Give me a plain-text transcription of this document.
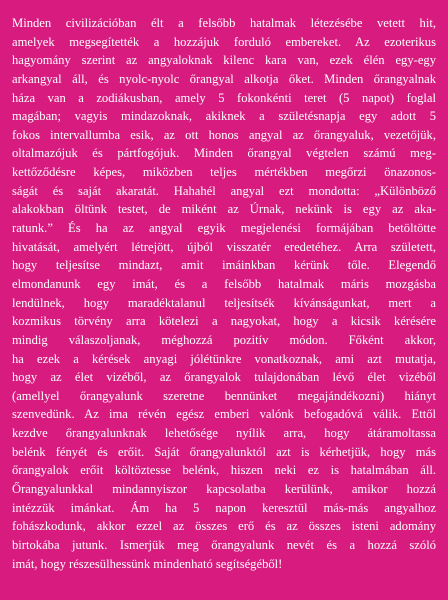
Minden civilizációban élt a felsőbb hatalmak létezésébe vetett hit,
amelyek megsegítették a hozzájuk forduló embereket. Az ezoterikus
hagyomány szerint az angyaloknak kilenc kara van, ezek élén egy-egy
arkangyal áll, és nyolc-nyolc őrangyal alkotja őket. Minden őrangyalnak
háza van a zodiákusban, amely 5 fokonkénti teret (5 napot) foglal
magában; vagyis mindazoknak, akiknek a születésnapja egy adott 5
fokos intervallumba esik, az ott honos angyal az őrangyaluk, vezetőjük,
oltalmazójuk és pártfogójuk. Minden őrangyal végtelen számú meg-
kettőződésre képes, miközben teljes mértékben megőrzi önazonos-
ságát és saját akaratát. Hahahél angyal ezt mondotta: „Különböző
alakokban öltünk testet, de miként az Úrnak, nekünk is egy az aka-
ratunk.” És ha az angyal egyik megjelenési formájában betöltötte
hivatását, amelyért létrejött, újból visszatér eredetéhez. Arra született,
hogy teljesítse mindazt, amit imáinkban kérünk tőle. Elegendő
elmondanunk egy imát, és a felsőbb hatalmak máris mozgásba
lendülnek, hogy maradéktalanul teljesítsék kívánságunkat, mert a
kozmikus törvény arra kötelezi a nagyokat, hogy a kicsik kérésére
mindig válaszoljanak, méghozzá pozitív módon. Főként akkor,
ha ezek a kérések anyagi jólétünkre vonatkoznak, ami azt mutatja,
hogy az élet vizéből, az őrangyalok tulajdonában lévő élet vizéből
(amellyel őrangyalunk szeretne bennünket megajándékozni) hiányt
szenvedünk. Az ima révén egész emberi valónk befogadóvá válik. Ettől
kezdve őrangyalunknak lehetősége nyílik arra, hogy átáramoltassa
belénk fényét és erőit. Saját őrangyalunktól azt is kérhetjük, hogy más
őrangyalok erőit költöztesse belénk, hiszen neki ez is hatalmában áll.
Őrangyalunkkal mindannyiszor kapcsolatba kerülünk, amikor hozzá
intézzük imánkat. Ám ha 5 napon keresztül más-más angyalhoz
fohászkodunk, akkor ezzel az összes erő és az összes isteni adomány
birtokába jutunk. Ismerjük meg őrangyalunk nevét és a hozzá szóló
imát, hogy részesülhessünk mindenható segítségéből!
